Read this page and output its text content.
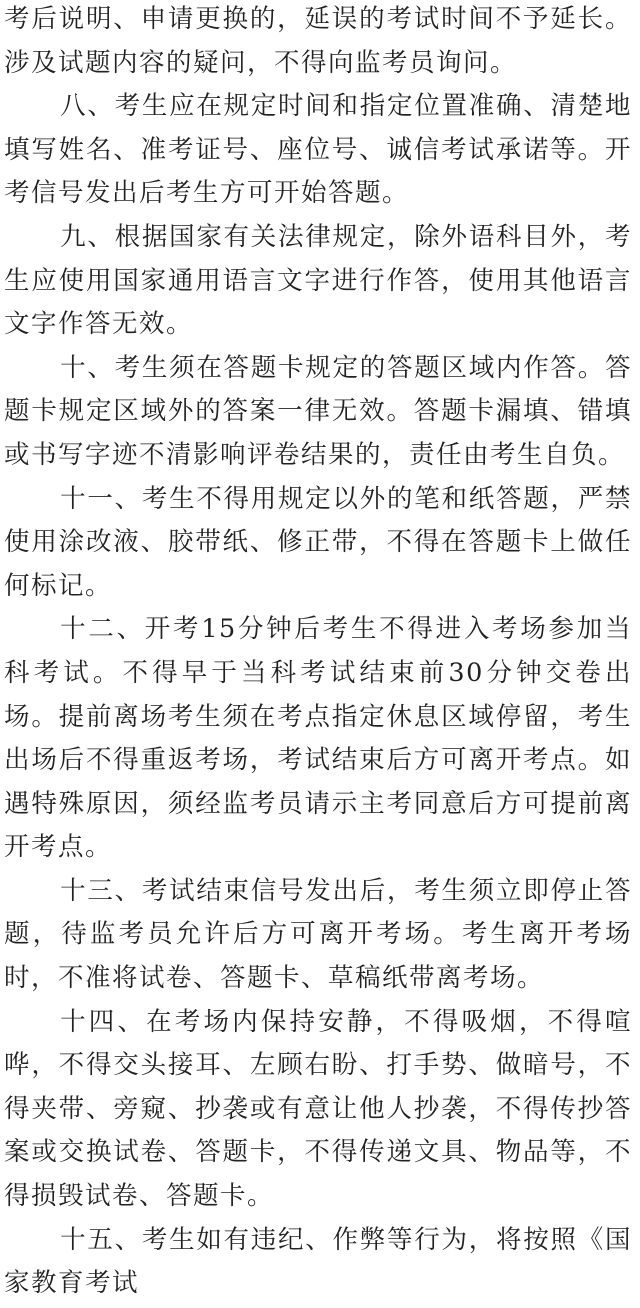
考后说明、申请更换的，延误的考试时间不予延长。涉及试题内容的疑问，不得向监考员询问。

八、考生应在规定时间和指定位置准确、清楚地填写姓名、准考证号、座位号、诚信考试承诺等。开考信号发出后考生方可开始答题。

九、根据国家有关法律规定，除外语科目外，考生应使用国家通用语言文字进行作答，使用其他语言文字作答无效。

十、考生须在答题卡规定的答题区域内作答。答题卡规定区域外的答案一律无效。答题卡漏填、错填或书写字迹不清影响评卷结果的，责任由考生自负。

十一、考生不得用规定以外的笔和纸答题，严禁使用涂改液、胶带纸、修正带，不得在答题卡上做任何标记。

十二、开考15分钟后考生不得进入考场参加当科考试。不得早于当科考试结束前30分钟交卷出场。提前离场考生须在考点指定休息区域停留，考生出场后不得重返考场，考试结束后方可离开考点。如遇特殊原因，须经监考员请示主考同意后方可提前离开考点。

十三、考试结束信号发出后，考生须立即停止答题，待监考员允许后方可离开考场。考生离开考场时，不准将试卷、答题卡、草稿纸带离考场。

十四、在考场内保持安静，不得吸烟，不得喧哗，不得交头接耳、左顾右盼、打手势、做暗号，不得夹带、旁窥、抄袭或有意让他人抄袭，不得传抄答案或交换试卷、答题卡，不得传递文具、物品等，不得损毁试卷、答题卡。

十五、考生如有违纪、作弊等行为，将按照《国家教育考试
